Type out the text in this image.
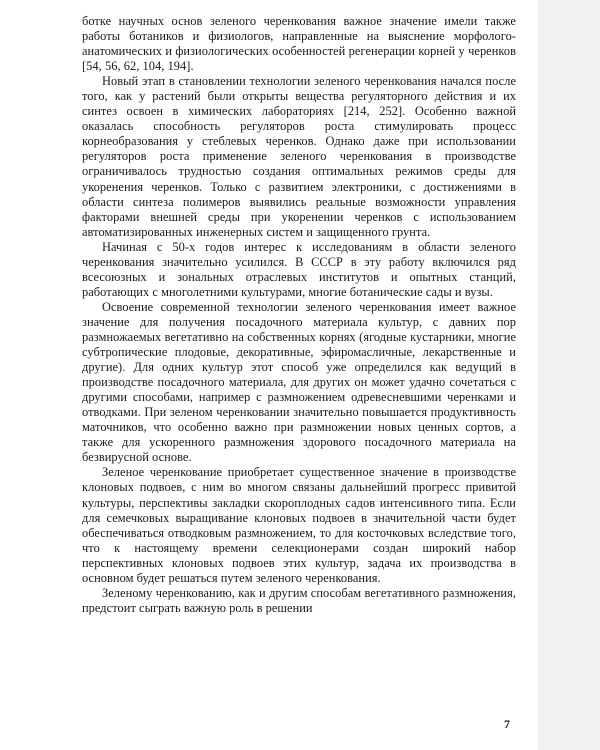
ботке научных основ зеленого черенкования важное значение имели также работы ботаников и физиологов, направленные на выяснение морфолого-анатомических и физиологических особенностей регенерации корней у черенков [54, 56, 62, 104, 194].

Новый этап в становлении технологии зеленого черенкования начался после того, как у растений были открыты вещества регуляторного действия и их синтез освоен в химических лабораториях [214, 252]. Особенно важной оказалась способность регуляторов роста стимулировать процесс корнеобразования у стеблевых черенков. Однако даже при использовании регуляторов роста применение зеленого черенкования в производстве ограничивалось трудностью создания оптимальных режимов среды для укоренения черенков. Только с развитием электроники, с достижениями в области синтеза полимеров выявились реальные возможности управления факторами внешней среды при укоренении черенков с использованием автоматизированных инженерных систем и защищенного грунта.

Начиная с 50-х годов интерес к исследованиям в области зеленого черенкования значительно усилился. В СССР в эту работу включился ряд всесоюзных и зональных отраслевых институтов и опытных станций, работающих с многолетними культурами, многие ботанические сады и вузы.

Освоение современной технологии зеленого черенкования имеет важное значение для получения посадочного материала культур, с давних пор размножаемых вегетативно на собственных корнях (ягодные кустарники, многие субтропические плодовые, декоративные, эфиромасличные, лекарственные и другие). Для одних культур этот способ уже определился как ведущий в производстве посадочного материала, для других он может удачно сочетаться с другими способами, например с размножением одревесневшими черенками и отводками. При зеленом черенковании значительно повышается продуктивность маточников, что особенно важно при размножении новых ценных сортов, а также для ускоренного размножения здорового посадочного материала на безвирусной основе.

Зеленое черенкование приобретает существенное значение в производстве клоновых подвоев, с ним во многом связаны дальнейший прогресс привитой культуры, перспективы закладки скороплодных садов интенсивного типа. Если для семечковых выращивание клоновых подвоев в значительной части будет обеспечиваться отводковым размножением, то для косточковых вследствие того, что к настоящему времени селекционерами создан широкий набор перспективных клоновых подвоев этих культур, задача их производства в основном будет решаться путем зеленого черенкования.

Зеленому черенкованию, как и другим способам вегетативного размножения, предстоит сыграть важную роль в решении

7
